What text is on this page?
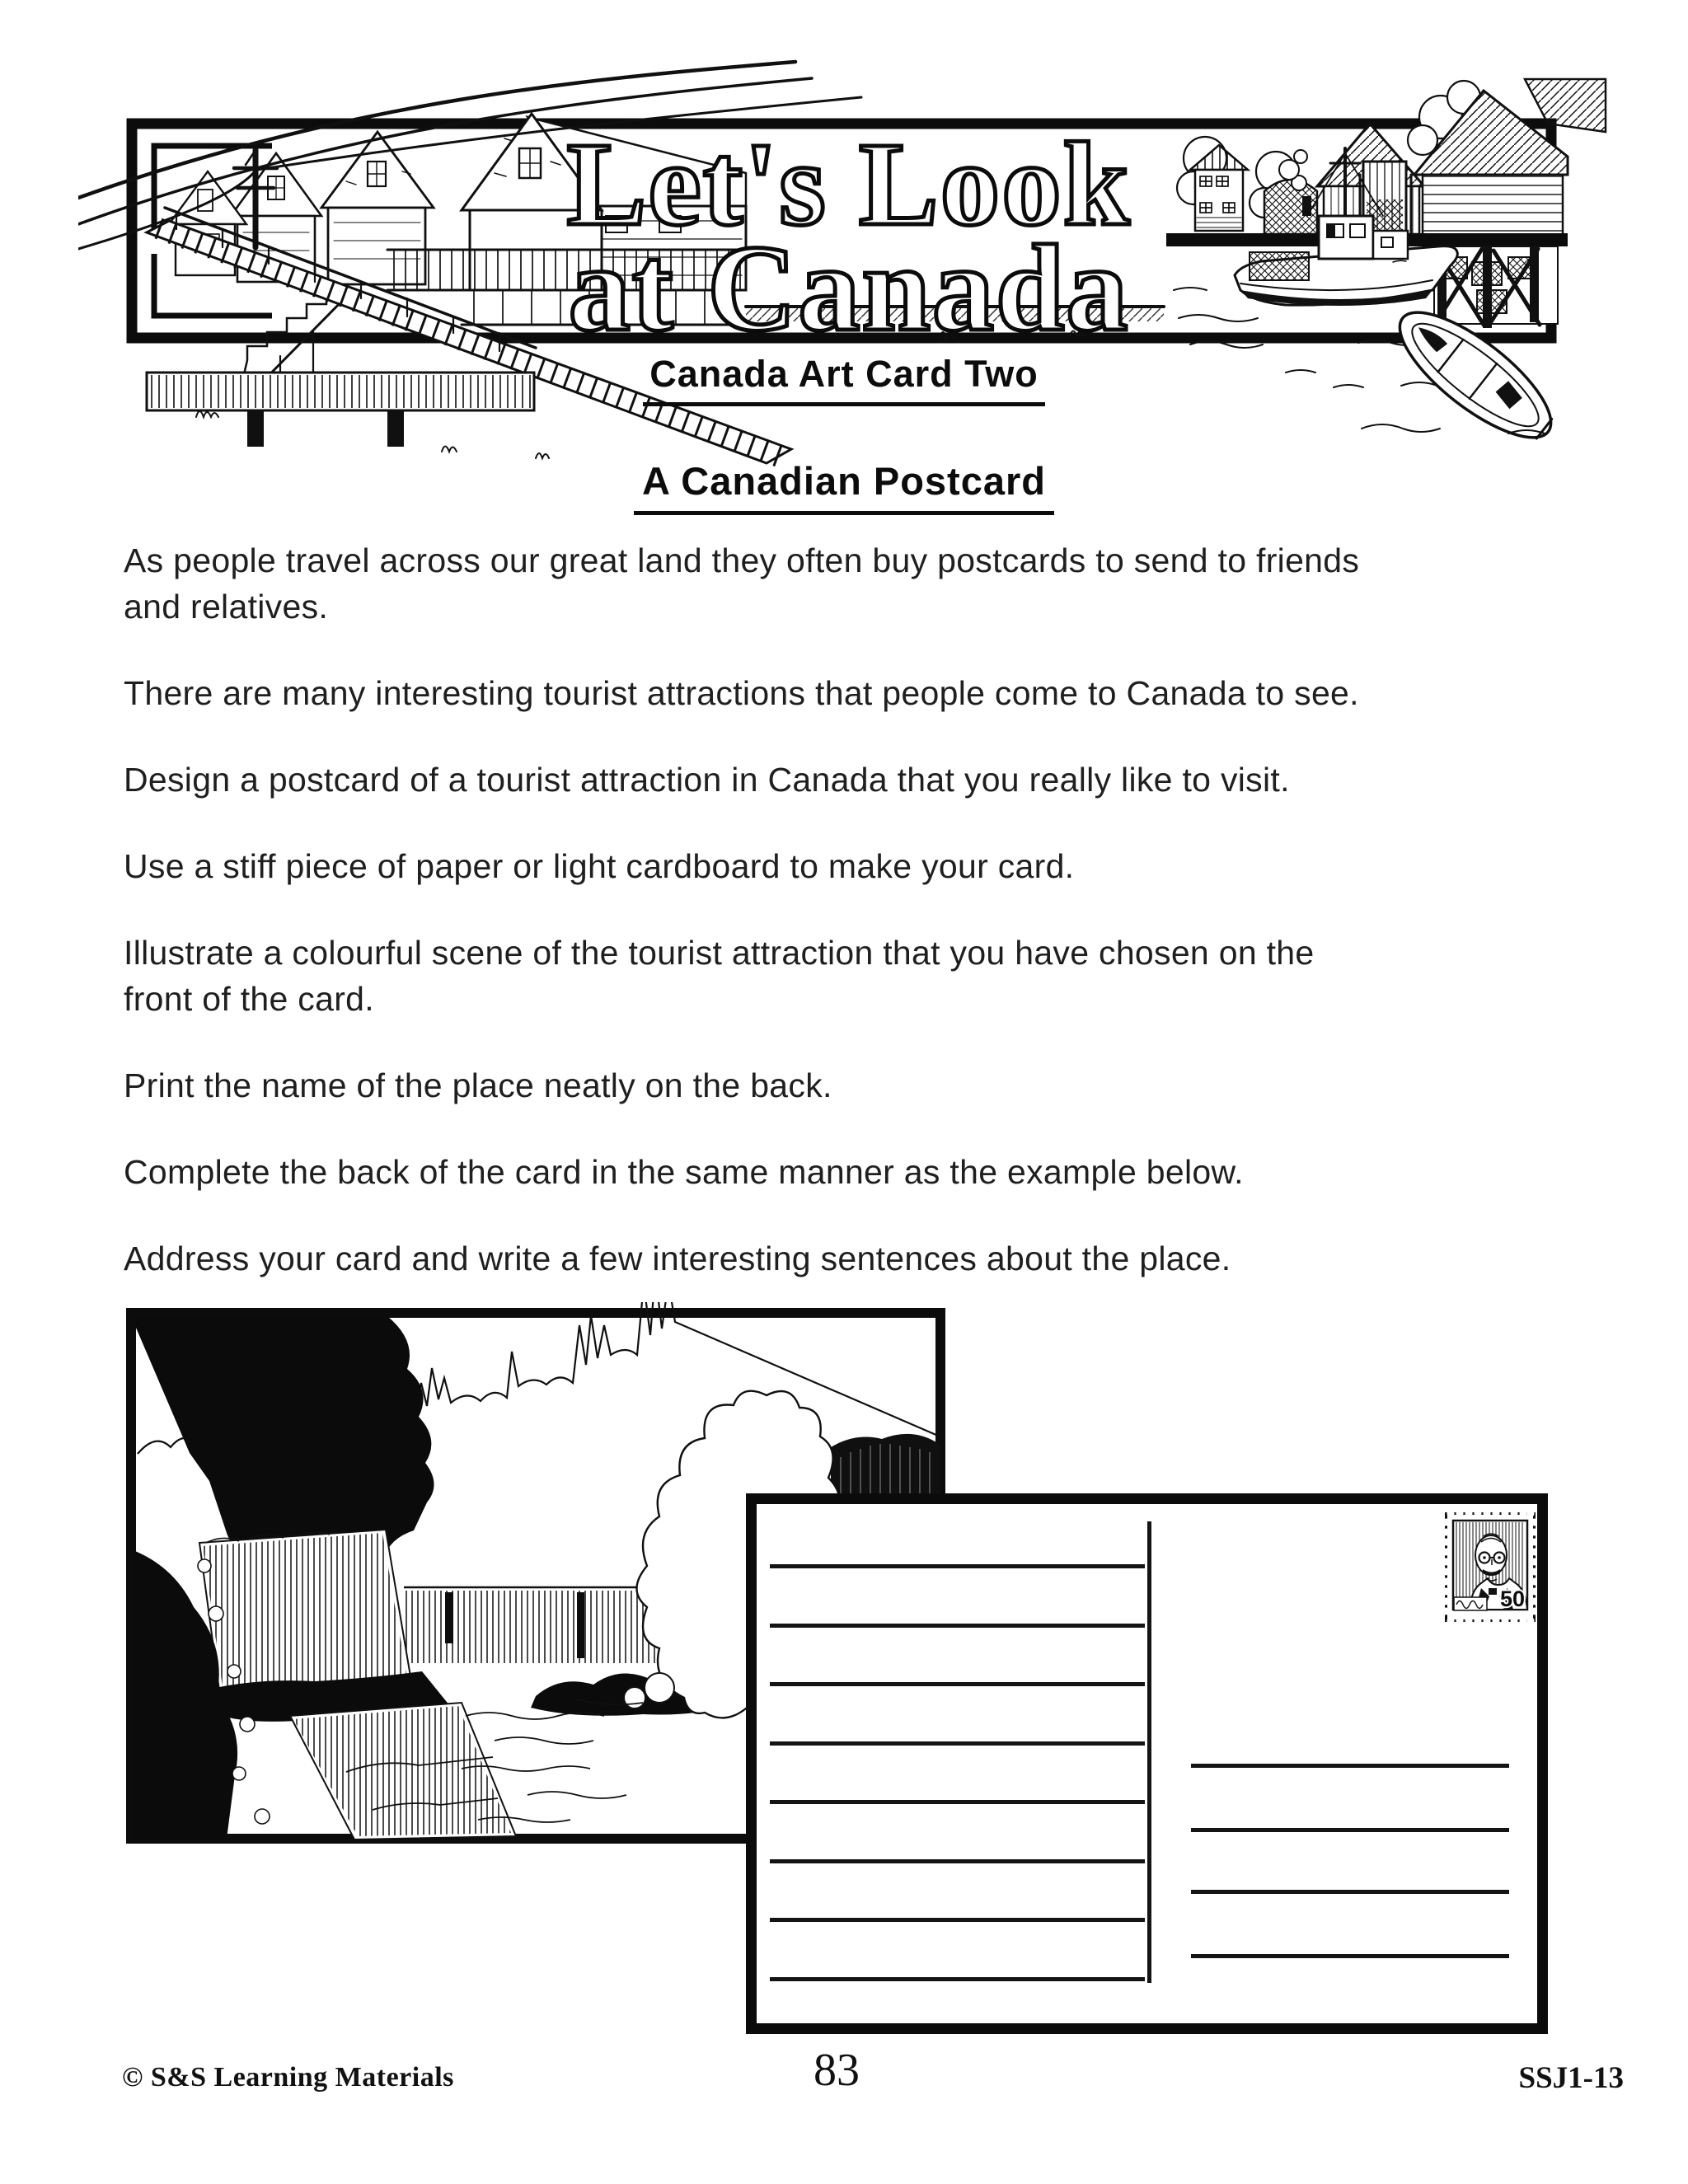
Let's Look
at Canada
Canada Art Card Two
A Canadian Postcard
As people travel across our great land they often buy postcards to send to friends
and relatives.
There are many interesting tourist attractions that people come to Canada to see.
Design a postcard of a tourist attraction in Canada that you really like to visit.
Use a stiff piece of paper or light cardboard to make your card.
Illustrate a colourful scene of the tourist attraction that you have chosen on the
front of the card.
Print the name of the place neatly on the back.
Complete the back of the card in the same manner as the example below.
Address your card and write a few interesting sentences about the place.
50
© S&S Learning Materials	83	SSJ1-13
